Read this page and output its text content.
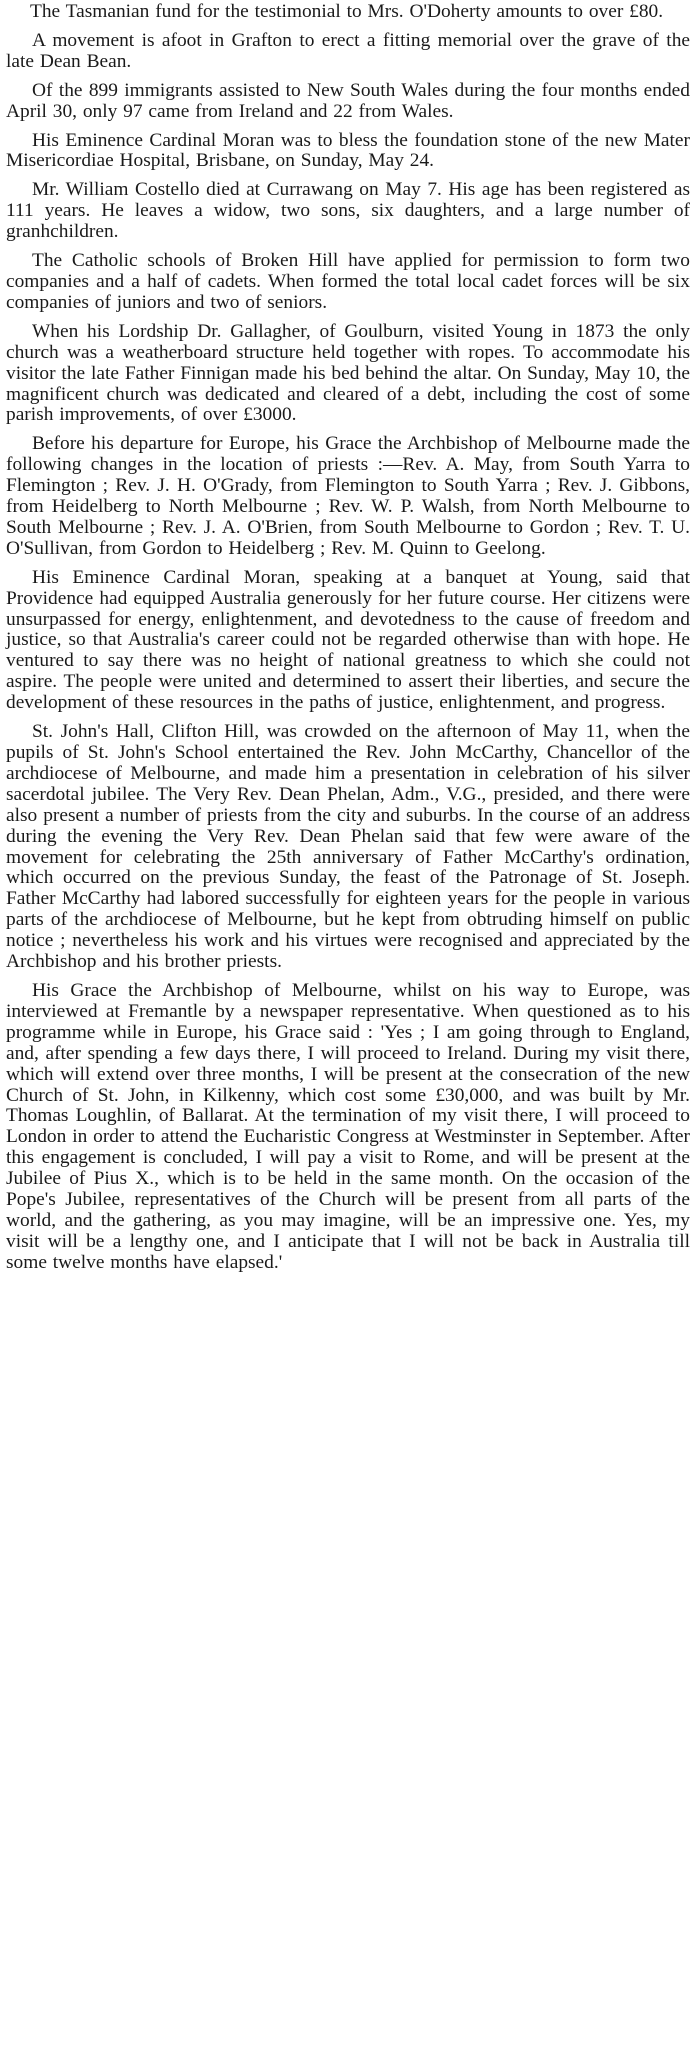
The Tasmanian fund for the testimonial to Mrs. O'Doherty amounts to over £80.

A movement is afoot in Grafton to erect a fitting memorial over the grave of the late Dean Bean.

Of the 899 immigrants assisted to New South Wales during the four months ended April 30, only 97 came from Ireland and 22 from Wales.

His Eminence Cardinal Moran was to bless the foundation stone of the new Mater Misericordiae Hospital, Brisbane, on Sunday, May 24.

Mr. William Costello died at Currawang on May 7. His age has been registered as 111 years. He leaves a widow, two sons, six daughters, and a large number of granhchildren.

The Catholic schools of Broken Hill have applied for permission to form two companies and a half of cadets. When formed the total local cadet forces will be six companies of juniors and two of seniors.

When his Lordship Dr. Gallagher, of Goulburn, visited Young in 1873 the only church was a weatherboard structure held together with ropes. To accommodate his visitor the late Father Finnigan made his bed behind the altar. On Sunday, May 10, the magnificent church was dedicated and cleared of a debt, including the cost of some parish improvements, of over £3000.

Before his departure for Europe, his Grace the Archbishop of Melbourne made the following changes in the location of priests :—Rev. A. May, from South Yarra to Flemington ; Rev. J. H. O'Grady, from Flemington to South Yarra ; Rev. J. Gibbons, from Heidelberg to North Melbourne ; Rev. W. P. Walsh, from North Melbourne to South Melbourne ; Rev. J. A. O'Brien, from South Melbourne to Gordon ; Rev. T. U. O'Sullivan, from Gordon to Heidelberg ; Rev. M. Quinn to Geelong.

His Eminence Cardinal Moran, speaking at a banquet at Young, said that Providence had equipped Australia generously for her future course. Her citizens were unsurpassed for energy, enlightenment, and devotedness to the cause of freedom and justice, so that Australia's career could not be regarded otherwise than with hope. He ventured to say there was no height of national greatness to which she could not aspire. The people were united and determined to assert their liberties, and secure the development of these resources in the paths of justice, enlightenment, and progress.

St. John's Hall, Clifton Hill, was crowded on the afternoon of May 11, when the pupils of St. John's School entertained the Rev. John McCarthy, Chancellor of the archdiocese of Melbourne, and made him a presentation in celebration of his silver sacerdotal jubilee. The Very Rev. Dean Phelan, Adm., V.G., presided, and there were also present a number of priests from the city and suburbs. In the course of an address during the evening the Very Rev. Dean Phelan said that few were aware of the movement for celebrating the 25th anniversary of Father McCarthy's ordination, which occurred on the previous Sunday, the feast of the Patronage of St. Joseph. Father McCarthy had labored successfully for eighteen years for the people in various parts of the archdiocese of Melbourne, but he kept from obtruding himself on public notice ; nevertheless his work and his virtues were recognised and appreciated by the Archbishop and his brother priests.

His Grace the Archbishop of Melbourne, whilst on his way to Europe, was interviewed at Fremantle by a newspaper representative. When questioned as to his programme while in Europe, his Grace said : 'Yes ; I am going through to England, and, after spending a few days there, I will proceed to Ireland. During my visit there, which will extend over three months, I will be present at the consecration of the new Church of St. John, in Kilkenny, which cost some £30,000, and was built by Mr. Thomas Loughlin, of Ballarat. At the termination of my visit there, I will proceed to London in order to attend the Eucharistic Congress at Westminster in September. After this engagement is concluded, I will pay a visit to Rome, and will be present at the Jubilee of Pius X., which is to be held in the same month. On the occasion of the Pope's Jubilee, representatives of the Church will be present from all parts of the world, and the gathering, as you may imagine, will be an impressive one. Yes, my visit will be a lengthy one, and I anticipate that I will not be back in Australia till some twelve months have elapsed.'
